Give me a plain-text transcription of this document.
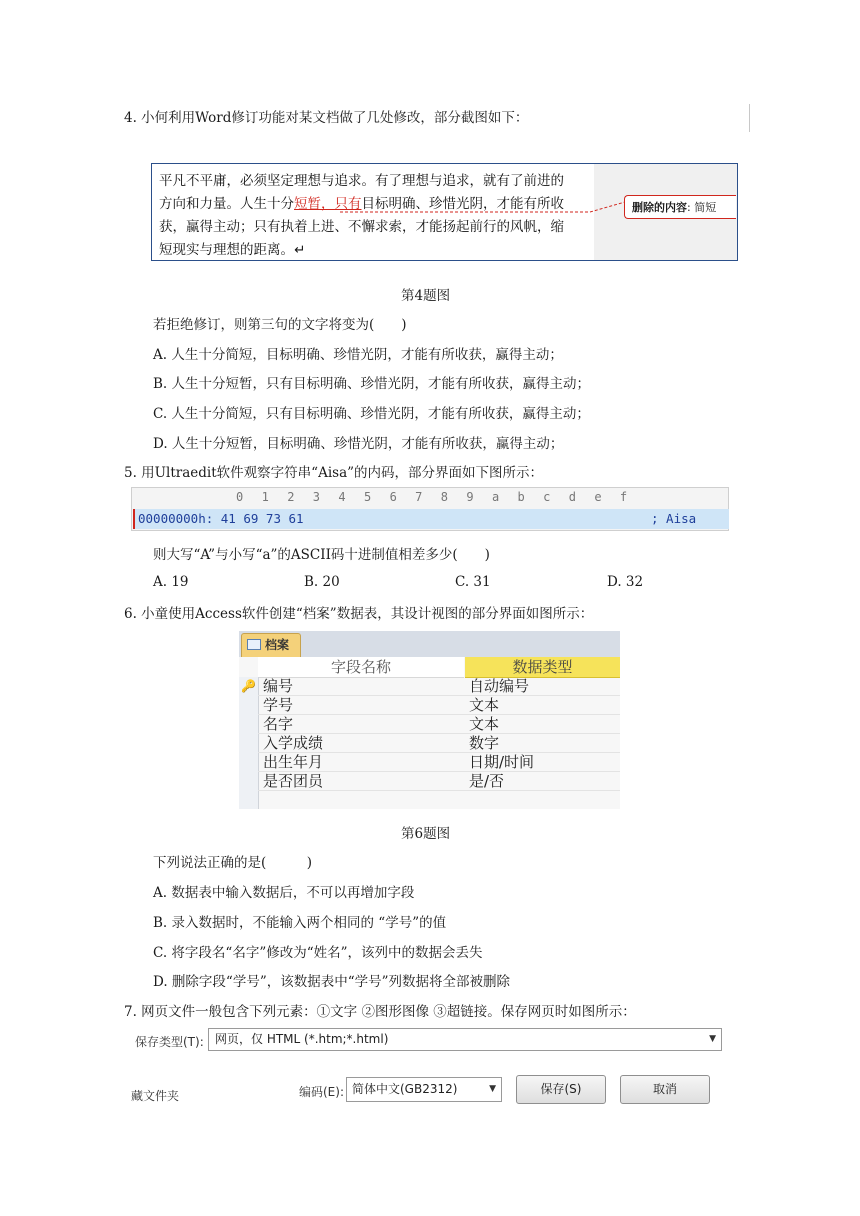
4. 小何利用Word修订功能对某文档做了几处修改，部分截图如下：
平凡不平庸，必须坚定理想与追求。有了理想与追求，就有了前进的
方向和力量。人生十分短暂，只有目标明确、珍惜光阴，才能有所收
获，赢得主动；只有执着上进、不懈求索，才能扬起前行的风帆，缩
短现实与理想的距离。↵
删除的内容: 简短
第4题图
若拒绝修订，则第三句的文字将变为(　　)
A. 人生十分简短，目标明确、珍惜光阴，才能有所收获，赢得主动；
B. 人生十分短暂，只有目标明确、珍惜光阴，才能有所收获，赢得主动；
C. 人生十分简短，只有目标明确、珍惜光阴，才能有所收获，赢得主动；
D. 人生十分短暂，目标明确、珍惜光阴，才能有所收获，赢得主动；
5. 用Ultraedit软件观察字符串“Aisa”的内码，部分界面如下图所示：
0 1 2 3 4 5 6 7 8 9 a b c d e f
00000000h: 41 69 73 61	; Aisa
则大写“A”与小写“a”的ASCII码十进制值相差多少(　　)
A. 19	B. 20	C. 31	D. 32
6. 小童使用Access软件创建“档案”数据表，其设计视图的部分界面如图所示：
档案
字段名称	数据类型
🔑 编号	自动编号
学号	文本
名字	文本
入学成绩	数字
出生年月	日期/时间
是否团员	是/否
第6题图
下列说法正确的是(　　　)
A. 数据表中输入数据后，不可以再增加字段
B. 录入数据时，不能输入两个相同的 “学号”的值
C. 将字段名“名字”修改为“姓名”，该列中的数据会丢失
D. 删除字段“学号”，该数据表中“学号”列数据将全部被删除
7. 网页文件一般包含下列元素：①文字 ②图形图像 ③超链接。保存网页时如图所示：
保存类型(T): 网页，仅 HTML (*.htm;*.html)	▼
藏文件夹	编码(E): 简体中文(GB2312)	▼	保存(S)	取消
